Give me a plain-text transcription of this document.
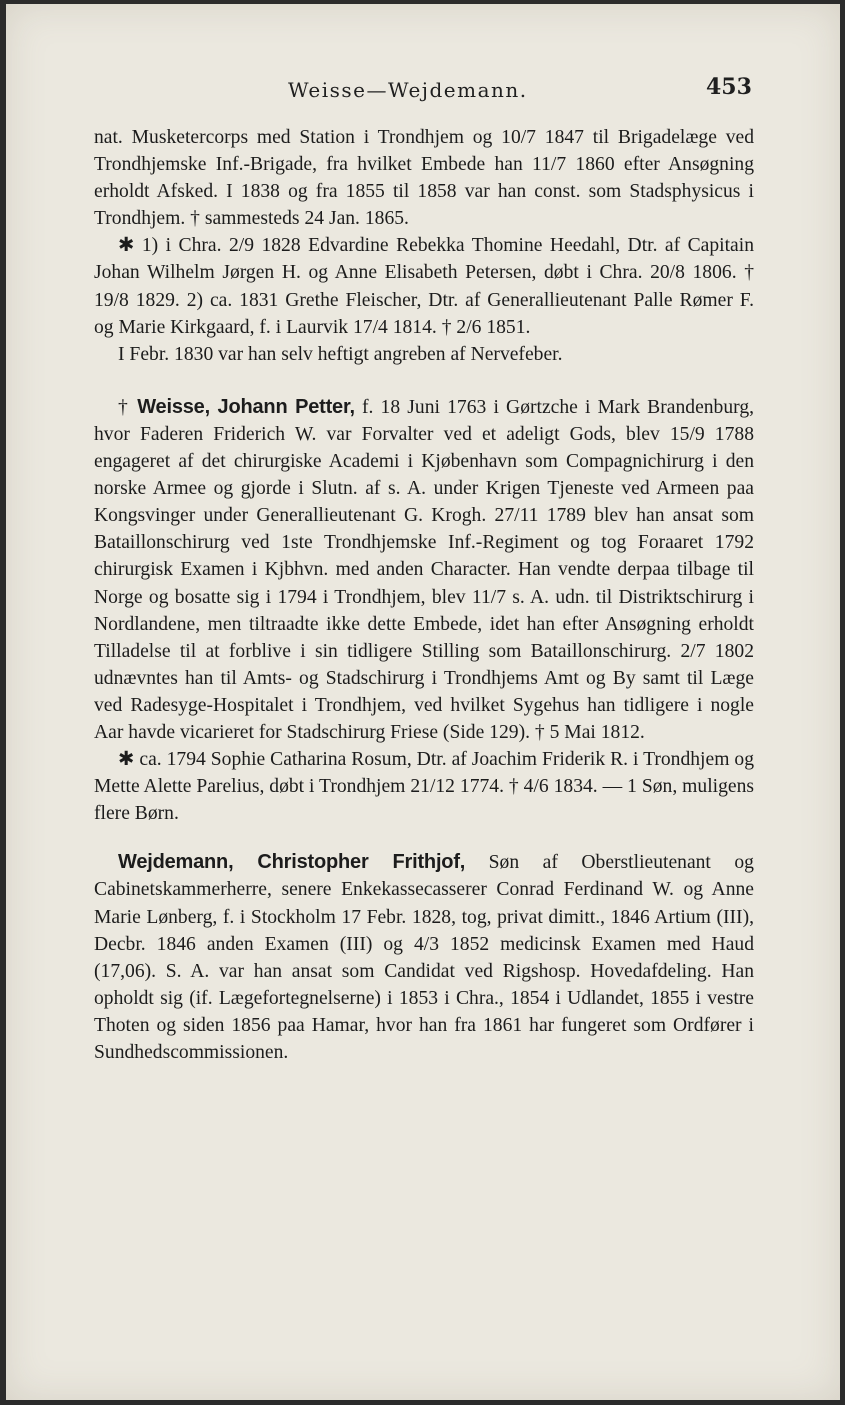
Weisse—Wejdemann.	453

nat. Musketercorps med Station i Trondhjem og 10/7 1847 til Brigadelæge ved Trondhjemske Inf.-Brigade, fra hvilket Embede han 11/7 1860 efter Ansøgning erholdt Afsked. I 1838 og fra 1855 til 1858 var han const. som Stadsphysicus i Trondhjem. † sammesteds 24 Jan. 1865.

✱ 1) i Chra. 2/9 1828 Edvardine Rebekka Thomine Heedahl, Dtr. af Capitain Johan Wilhelm Jørgen H. og Anne Elisabeth Petersen, døbt i Chra. 20/8 1806. † 19/8 1829. 2) ca. 1831 Grethe Fleischer, Dtr. af Generallieutenant Palle Rømer F. og Marie Kirkgaard, f. i Laurvik 17/4 1814. † 2/6 1851.

I Febr. 1830 var han selv heftigt angreben af Nervefeber.

† Weisse, Johann Petter, f. 18 Juni 1763 i Gørtzche i Mark Brandenburg, hvor Faderen Friderich W. var Forvalter ved et adeligt Gods, blev 15/9 1788 engageret af det chirurgiske Academi i Kjøbenhavn som Compagnichirurg i den norske Armee og gjorde i Slutn. af s. A. under Krigen Tjeneste ved Armeen paa Kongsvinger under Generallieutenant G. Krogh. 27/11 1789 blev han ansat som Bataillonschirurg ved 1ste Trondhjemske Inf.-Regiment og tog Foraaret 1792 chirurgisk Examen i Kjbhvn. med anden Character. Han vendte derpaa tilbage til Norge og bosatte sig i 1794 i Trondhjem, blev 11/7 s. A. udn. til Distriktschirurg i Nordlandene, men tiltraadte ikke dette Embede, idet han efter Ansøgning erholdt Tilladelse til at forblive i sin tidligere Stilling som Bataillonschirurg. 2/7 1802 udnævntes han til Amts- og Stadschirurg i Trondhjems Amt og By samt til Læge ved Radesyge-Hospitalet i Trondhjem, ved hvilket Sygehus han tidligere i nogle Aar havde vicarieret for Stadschirurg Friese (Side 129). † 5 Mai 1812.

✱ ca. 1794 Sophie Catharina Rosum, Dtr. af Joachim Friderik R. i Trondhjem og Mette Alette Parelius, døbt i Trondhjem 21/12 1774. † 4/6 1834. — 1 Søn, muligens flere Børn.

Wejdemann, Christopher Frithjof, Søn af Oberstlieutenant og Cabinetskammerherre, senere Enkekassecasserer Conrad Ferdinand W. og Anne Marie Lønberg, f. i Stockholm 17 Febr. 1828, tog, privat dimitt., 1846 Artium (III), Decbr. 1846 anden Examen (III) og 4/3 1852 medicinsk Examen med Haud (17,06). S. A. var han ansat som Candidat ved Rigshosp. Hovedafdeling. Han opholdt sig (if. Lægefortegnelserne) i 1853 i Chra., 1854 i Udlandet, 1855 i vestre Thoten og siden 1856 paa Hamar, hvor han fra 1861 har fungeret som Ordfører i Sundhedscommissionen.
